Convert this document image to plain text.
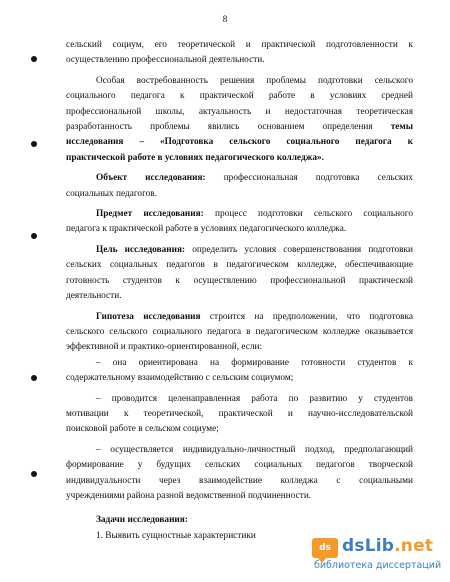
8
сельский социум, его теоретической и практической подготовленности к
осуществлению профессиональной деятельности.
Особая востребованность решения проблемы подготовки сельского
социального педагога к практической работе в условиях средней
профессиональной школы, актуальность и недостаточная теоретическая
разработанность проблемы явились основанием определения темы
исследования – «Подготовка сельского социального педагога к
практической работе в условиях педагогического колледжа».
Объект исследования: профессиональная подготовка сельских
социальных педагогов.
Предмет исследования: процесс подготовки сельского социального
педагога к практической работе в условиях педагогического колледжа.
Цель исследования: определить условия совершенствования подготовки
сельских социальных педагогов в педагогическом колледже, обеспечивающие
готовность студентов к осуществлению профессиональной практической
деятельности.
Гипотеза исследования строится на предположении, что подготовка
сельского сельского социального педагога в педагогическом колледже оказывается
эффективной и практико-ориентированной, если:
– она ориентирована на формирование готовности студентов к
содержательному взаимодействию с сельским социумом;
– проводится целенаправленная работа по развитию у студентов
мотивации к теоретической, практической и научно-исследовательской
поисковой работе в сельском социуме;
– осуществляется индивидуально-личностный подход, предполагающий
формирование у будущих сельских социальных педагогов творческой
индивидуальности через взаимодействие колледжа с социальными
учреждениями района разной ведомственной подчиненности.
Задачи исследования:
1. Выявить сущностные характеристики
ds dsLib.net
библиотека диссертаций
